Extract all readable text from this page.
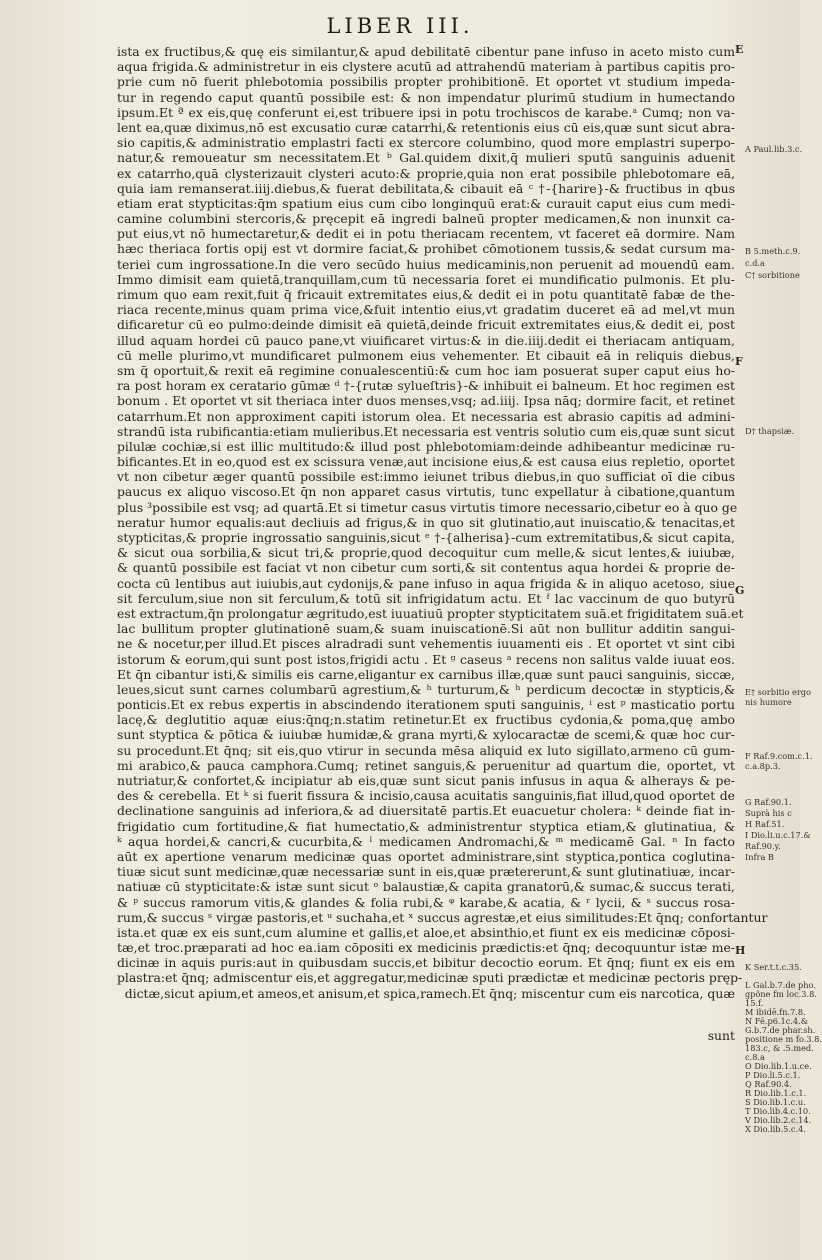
LIBER III.
ista ex fructibus,& quę eis similantur,& apud debilitatē cibentur pane infuso in aceto misto cum
aqua frigida.& administretur in eis clystere acutū ad attrahendū materiam à partibus capitis pro-
prie cum nō fuerit phlebotomia possibilis propter prohibitionē. Et oportet vt studium impeda-
tur in regendo caput quantū possibile est: & non impendatur plurimū studium in humectando
ipsum.Et ª ex eis,quę conferunt ei,est tribuere ipsi in potu trochiscos de karabe.ᵃ Cumq; non va-
lent ea,quæ diximus,nō est excusatio curæ catarrhi,& retentionis eius cū eis,quæ sunt sicut abra-
sio capitis,& administratio emplastri facti ex stercore columbino, quod more emplastri superpo-
natur,& remoueatur sm necessitatem.Et ᵇ Gal.quidem dixit,q̄ mulieri sputū sanguinis aduenit
ex catarrho,quā clysterizauit clysteri acuto:& proprie,quia non erat possibile phlebotomare eā,
quia iam remanserat.iiij.diebus,& fuerat debilitata,& cibauit eā ᶜ †-{harire}-& fructibus in qbus
etiam erat stypticitas:q̄m spatium eius cum cibo longinquū erat:& curauit caput eius cum medi-
camine columbini stercoris,& pręcepit eā ingredi balneū propter medicamen,& non inunxit ca-
put eius,vt nō humectaretur,& dedit ei in potu theriacam recentem, vt faceret eā dormire. Nam
hæc theriaca fortis opij est vt dormire faciat,& prohibet cōmotionem tussis,& sedat cursum ma-
teriei cum ingrossatione.In die vero secūdo huius medicaminis,non peruenit ad mouendū eam.
Immo dimisit eam quietā,tranquillam,cum tū necessaria foret ei mundificatio pulmonis. Et plu-
rimum quo eam rexit,fuit q̄ fricauit extremitates eius,& dedit ei in potu quantitatē fabæ de the-
riaca recente,minus quam prima vice,&fuit intentio eius,vt gradatim duceret eā ad mel,vt mun
dificaretur cū eo pulmo:deinde dimisit eā quietā,deinde fricuit extremitates eius,& dedit ei, post
illud aquam hordei cū pauco pane,vt viuificaret virtus:& in die.iiij.dedit ei theriacam antiquam,
cū melle plurimo,vt mundificaret pulmonem eius vehementer. Et cibauit eā in reliquis diebus,
sm q̄ oportuit,& rexit eā regimine conualescentiū:& cum hoc iam posuerat super caput eius ho-
ra post horam ex ceratario gūmæ ᵈ †-{rutæ sylueſtris}-& inhibuit ei balneum. Et hoc regimen est
bonum . Et oportet vt sit theriaca inter duos menses,vsq; ad.iiij. Ipsa nāq; dormire facit, et retinet
catarrhum.Et non approximent capiti istorum olea. Et necessaria est abrasio capitis ad admini-
strandū ista rubificantia:etiam mulieribus.Et necessaria est ventris solutio cum eis,quæ sunt sicut
pilulæ cochiæ,si est illic multitudo:& illud post phlebotomiam:deinde adhibeantur medicinæ ru-
bificantes.Et in eo,quod est ex scissura venæ,aut incisione eius,& est causa eius repletio, oportet
vt non cibetur æger quantū possibile est:immo ieiunet tribus diebus,in quo sufficiat oī die cibus
paucus ex aliquo viscoso.Et q̄n non apparet casus virtutis, tunc expellatur à cibatione,quantum
plus ³possibile est vsq; ad quartā.Et si timetur casus virtutis timore necessario,cibetur eo à quo ge
neratur humor equalis:aut decliuis ad frigus,& in quo sit glutinatio,aut inuiscatio,& tenacitas,et
stypticitas,& proprie ingrossatio sanguinis,sicut ᵉ †-{alherisa}-cum extremitatibus,& sicut capita,
& sicut oua sorbilia,& sicut tri,& proprie,quod decoquitur cum melle,& sicut lentes,& iuiubæ,
& quantū possibile est faciat vt non cibetur cum sorti,& sit contentus aqua hordei & proprie de-
cocta cū lentibus aut iuiubis,aut cydonijs,& pane infuso in aqua frigida & in aliquo acetoso, siue
sit ferculum,siue non sit ferculum,& totū sit infrigidatum actu. Et ᶠ lac vaccinum de quo butyrū
est extractum,q̄n prolongatur ægritudo,est iuuatiuū propter stypticitatem suā.et frigiditatem suā.et
lac bullitum propter glutinationē suam,& suam inuiscationē.Si aūt non bullitur additin sangui-
ne & nocetur,per illud.Et pisces alradradi sunt vehementis iuuamenti eis . Et oportet vt sint cibi
istorum & eorum,qui sunt post istos,frigidi actu . Et ᵍ caseus ᵃ recens non salitus valde iuuat eos.
Et q̄n cibantur isti,& similis eis carne,eligantur ex carnibus illæ,quæ sunt pauci sanguinis, siccæ,
leues,sicut sunt carnes columbarū agrestium,& ʰ turturum,& ʰ perdicum decoctæ in stypticis,&
ponticis.Et ex rebus expertis in abscindendo iterationem sputi sanguinis, ⁱ est ᵖ masticatio portu
lacę,& deglutitio aquæ eius:q̄nq;n.statim retinetur.Et ex fructibus cydonia,& poma,quę ambo
sunt styptica & pōtica & iuiubæ humidæ,& grana myrti,& xylocaractæ de scemi,& quæ hoc cur-
su procedunt.Et q̄nq; sit eis,quo vtirur in secunda mēsa aliquid ex luto sigillato,armeno cū gum-
mi arabico,& pauca camphora.Cumq; retinet sanguis,& peruenitur ad quartum die, oportet, vt
nutriatur,& confortet,& incipiatur ab eis,quæ sunt sicut panis infusus in aqua & alherays & pe-
des & cerebella. Et ᵏ si fuerit fissura & incisio,causa acuitatis sanguinis,fiat illud,quod oportet de
declinatione sanguinis ad inferiora,& ad diuersitatē partis.Et euacuetur cholera: ᵏ deinde fiat in-
frigidatio cum fortitudine,& fiat humectatio,& administrentur styptica etiam,& glutinatiua, &
ᵏ aqua hordei,& cancri,& cucurbita,& ˡ medicamen Andromachi,& ᵐ medicamē Gal. ⁿ In facto
aūt ex apertione venarum medicinæ quas oportet administrare,sint styptica,pontica coglutina-
tiuæ sicut sunt medicinæ,quæ necessariæ sunt in eis,quæ prætererunt,& sunt glutinatiuæ, incar-
natiuæ cū stypticitate:& istæ sunt sicut ᵒ balaustiæ,& capita granatorū,& sumac,& succus terati,
& ᵖ succus ramorum vitis,& glandes & folia rubi,& ᵠ karabe,& acatia, & ʳ lycii, & ˢ succus rosa-
rum,& succus ˢ virgæ pastoris,et ᵘ suchaha,et ˣ succus agrestæ,et eius similitudes:Et q̄nq; confortantur
ista.et quæ ex eis sunt,cum alumine et gallis,et aloe,et absinthio,et fiunt ex eis medicinæ cōposi-
tæ,et troc.præparati ad hoc ea.iam cōpositi ex medicinis prædictis:et q̄nq; decoquuntur istæ me-
dicinæ in aquis puris:aut in quibusdam succis,et bibitur decoctio eorum. Et q̄nq; fiunt ex eis em
plastra:et q̄nq; admiscentur eis,et aggregatur,medicinæ sputi prædictæ et medicinæ pectoris pręp-
dictæ,sicut apium,et ameos,et anisum,et spica,ramech.Et q̄nq; miscentur cum eis narcotica, quæ
A Paul.lib.3.c.
B 5.meth.c.9.
c.d.a
C† sorbitione
D† thapsiæ.
E† sorbitio ergo
nis humore
F Raf.9.com.c.1.
c.a.8p.3.
G Raf.90.1.
Suprà his c
H Raf.51.
I Dio.li.u.c.17.&
Raf.90.y.
Infra B
K Ser.t.t.c.35.
L Gal.b.7.de pho.
gpöne fm loc.3.8.
15.f.
M ibidē.fn.7.8.
N Fē.p6.1c.4.&
G.b.7.de phar.sh.
positione m fo.3.8.
183.c, & .5.med.
c.8.a
O Dio.lib.1.u.ce.
P Dio.li.5.c.1.
Q Raf.90.4.
R Dio.lib.1.c.1.
S Dio.lib.1.c.u.
T Dio.lib.4.c.10.
V Dio.lib.2.c.14.
X Dio.lib.5.c.4.
E
F
G
H
sunt
